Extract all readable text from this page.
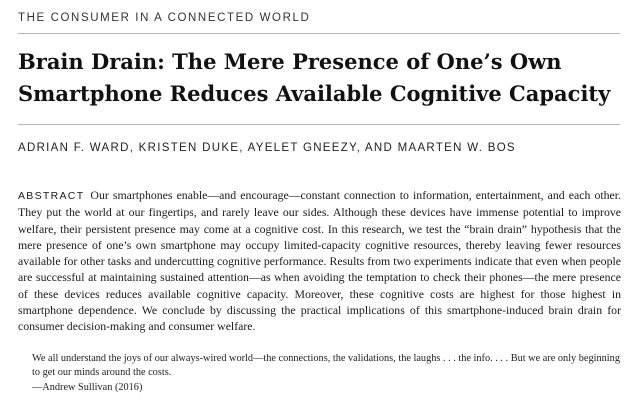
THE CONSUMER IN A CONNECTED WORLD
Brain Drain: The Mere Presence of One’s Own Smartphone Reduces Available Cognitive Capacity
ADRIAN F. WARD, KRISTEN DUKE, AYELET GNEEZY, AND MAARTEN W. BOS

ABSTRACT Our smartphones enable—and encourage—constant connection to information, entertainment, and each other. They put the world at our fingertips, and rarely leave our sides. Although these devices have immense potential to improve welfare, their persistent presence may come at a cognitive cost. In this research, we test the “brain drain” hypothesis that the mere presence of one’s own smartphone may occupy limited-capacity cognitive resources, thereby leaving fewer resources available for other tasks and undercutting cognitive performance. Results from two experiments indicate that even when people are successful at maintaining sustained attention—as when avoiding the temptation to check their phones—the mere presence of these devices reduces available cognitive capacity. Moreover, these cognitive costs are highest for those highest in smartphone dependence. We conclude by discussing the practical implications of this smartphone-induced brain drain for consumer decision-making and consumer welfare.

We all understand the joys of our always-wired world—the connections, the validations, the laughs . . . the info. . . . But we are only beginning to get our minds around the costs.
—Andrew Sullivan (2016)
